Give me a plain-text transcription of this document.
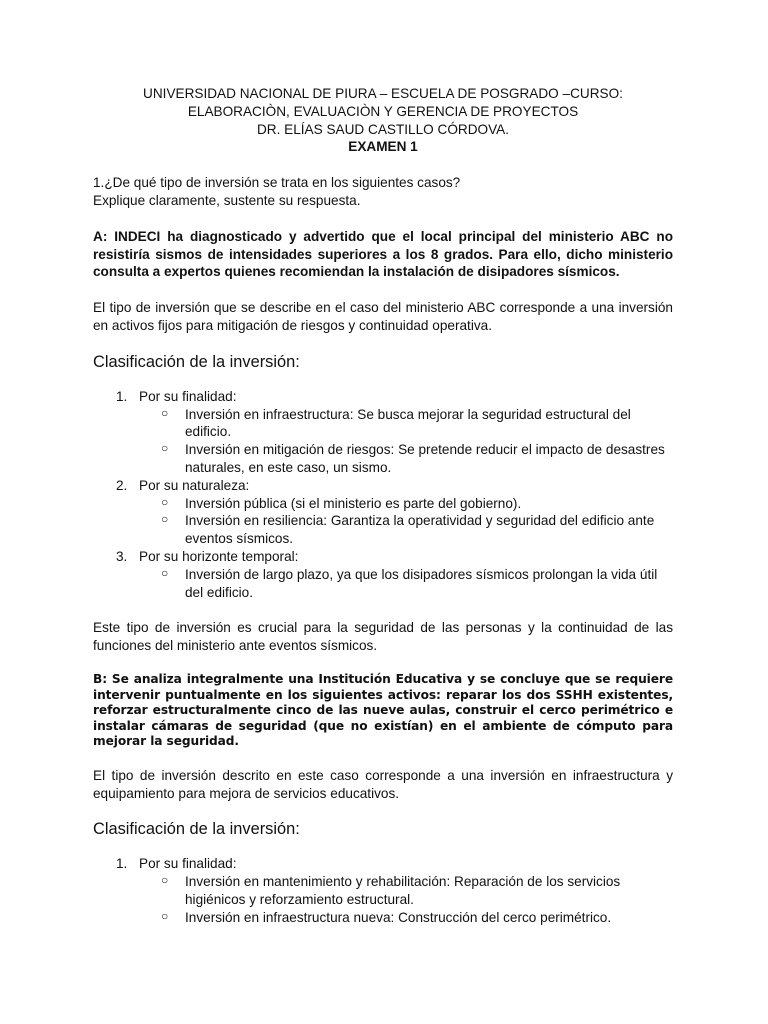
UNIVERSIDAD NACIONAL DE PIURA – ESCUELA DE POSGRADO –CURSO:
ELABORACIÒN, EVALUACIÒN Y GERENCIA DE PROYECTOS
DR. ELÍAS SAUD CASTILLO CÓRDOVA.
EXAMEN 1
1.¿De qué tipo de inversión se trata en los siguientes casos?
Explique claramente, sustente su respuesta.
A: INDECI ha diagnosticado y advertido que el local principal del ministerio ABC no resistiría sismos de intensidades superiores a los 8 grados. Para ello, dicho ministerio consulta a expertos quienes recomiendan la instalación de disipadores sísmicos.
El tipo de inversión que se describe en el caso del ministerio ABC corresponde a una inversión en activos fijos para mitigación de riesgos y continuidad operativa.
Clasificación de la inversión:
1. Por su finalidad:
○ Inversión en infraestructura: Se busca mejorar la seguridad estructural del edificio.
○ Inversión en mitigación de riesgos: Se pretende reducir el impacto de desastres naturales, en este caso, un sismo.
2. Por su naturaleza:
○ Inversión pública (si el ministerio es parte del gobierno).
○ Inversión en resiliencia: Garantiza la operatividad y seguridad del edificio ante eventos sísmicos.
3. Por su horizonte temporal:
○ Inversión de largo plazo, ya que los disipadores sísmicos prolongan la vida útil del edificio.
Este tipo de inversión es crucial para la seguridad de las personas y la continuidad de las funciones del ministerio ante eventos sísmicos.
B: Se analiza integralmente una Institución Educativa y se concluye que se requiere intervenir puntualmente en los siguientes activos: reparar los dos SSHH existentes, reforzar estructuralmente cinco de las nueve aulas, construir el cerco perimétrico e instalar cámaras de seguridad (que no existían) en el ambiente de cómputo para mejorar la seguridad.
El tipo de inversión descrito en este caso corresponde a una inversión en infraestructura y equipamiento para mejora de servicios educativos.
Clasificación de la inversión:
1. Por su finalidad:
○ Inversión en mantenimiento y rehabilitación: Reparación de los servicios higiénicos y reforzamiento estructural.
○ Inversión en infraestructura nueva: Construcción del cerco perimétrico.
